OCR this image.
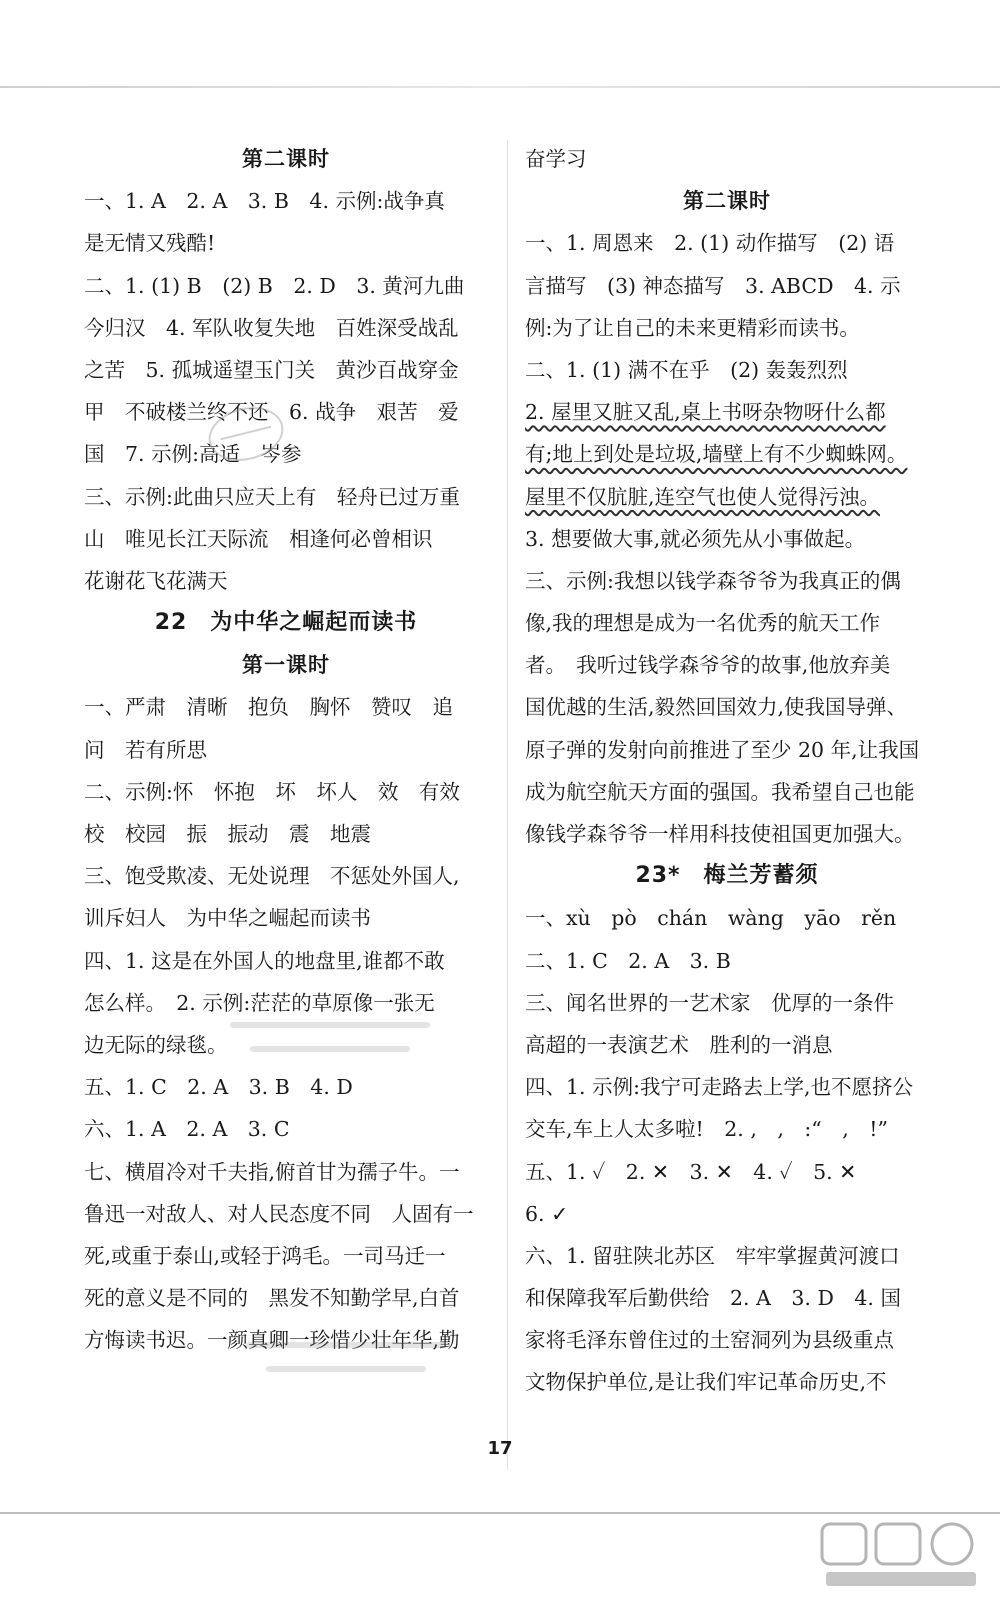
第二课时
一、1. A　2. A　3. B　4. 示例:战争真
是无情又残酷!
二、1. (1) B　(2) B　2. D　3. 黄河九曲
今归汉　4. 军队收复失地　百姓深受战乱
之苦　5. 孤城遥望玉门关　黄沙百战穿金
甲　不破楼兰终不还　6. 战争　艰苦　爱
国　7. 示例:高适　岑参
三、示例:此曲只应天上有　轻舟已过万重
山　唯见长江天际流　相逢何必曾相识
花谢花飞花满天
22　为中华之崛起而读书
第一课时
一、严肃　清晰　抱负　胸怀　赞叹　追
问　若有所思
二、示例:怀　怀抱　坏　坏人　效　有效
校　校园　振　振动　震　地震
三、饱受欺凌、无处说理　不惩处外国人,
训斥妇人　为中华之崛起而读书
四、1. 这是在外国人的地盘里,谁都不敢
怎么样。　2. 示例:茫茫的草原像一张无
边无际的绿毯。
五、1. C　2. A　3. B　4. D
六、1. A　2. A　3. C
七、横眉冷对千夫指,俯首甘为孺子牛。一
鲁迅一对敌人、对人民态度不同　人固有一
死,或重于泰山,或轻于鸿毛。一司马迁一
死的意义是不同的　黑发不知勤学早,白首
方悔读书迟。一颜真卿一珍惜少壮年华,勤
奋学习
第二课时
一、1. 周恩来　2. (1) 动作描写　(2) 语
言描写　(3) 神态描写　3. ABCD　4. 示
例:为了让自己的未来更精彩而读书。
二、1. (1) 满不在乎　(2) 轰轰烈烈
2. 屋里又脏又乱,桌上书呀杂物呀什么都
有;地上到处是垃圾,墙壁上有不少蜘蛛网。
屋里不仅肮脏,连空气也使人觉得污浊。
3. 想要做大事,就必须先从小事做起。
三、示例:我想以钱学森爷爷为我真正的偶
像,我的理想是成为一名优秀的航天工作
者。　我听过钱学森爷爷的故事,他放弃美
国优越的生活,毅然回国效力,使我国导弹、
原子弹的发射向前推进了至少 20 年,让我国
成为航空航天方面的强国。我希望自己也能
像钱学森爷爷一样用科技使祖国更加强大。
23*　梅兰芳蓄须
一、xù　pò　chán　wàng　yāo　rěn
二、1. C　2. A　3. B
三、闻名世界的一艺术家　优厚的一条件
高超的一表演艺术　胜利的一消息
四、1. 示例:我宁可走路去上学,也不愿挤公
交车,车上人太多啦!　2. ,　,　:“　,　!”
五、1. ✓　2. ✕　3. ✕　4. ✓　5. ✕
6. ✓
六、1. 留驻陕北苏区　牢牢掌握黄河渡口
和保障我军后勤供给　2. A　3. D　4. 国
家将毛泽东曾住过的土窑洞列为县级重点
文物保护单位,是让我们牢记革命历史,不
17
